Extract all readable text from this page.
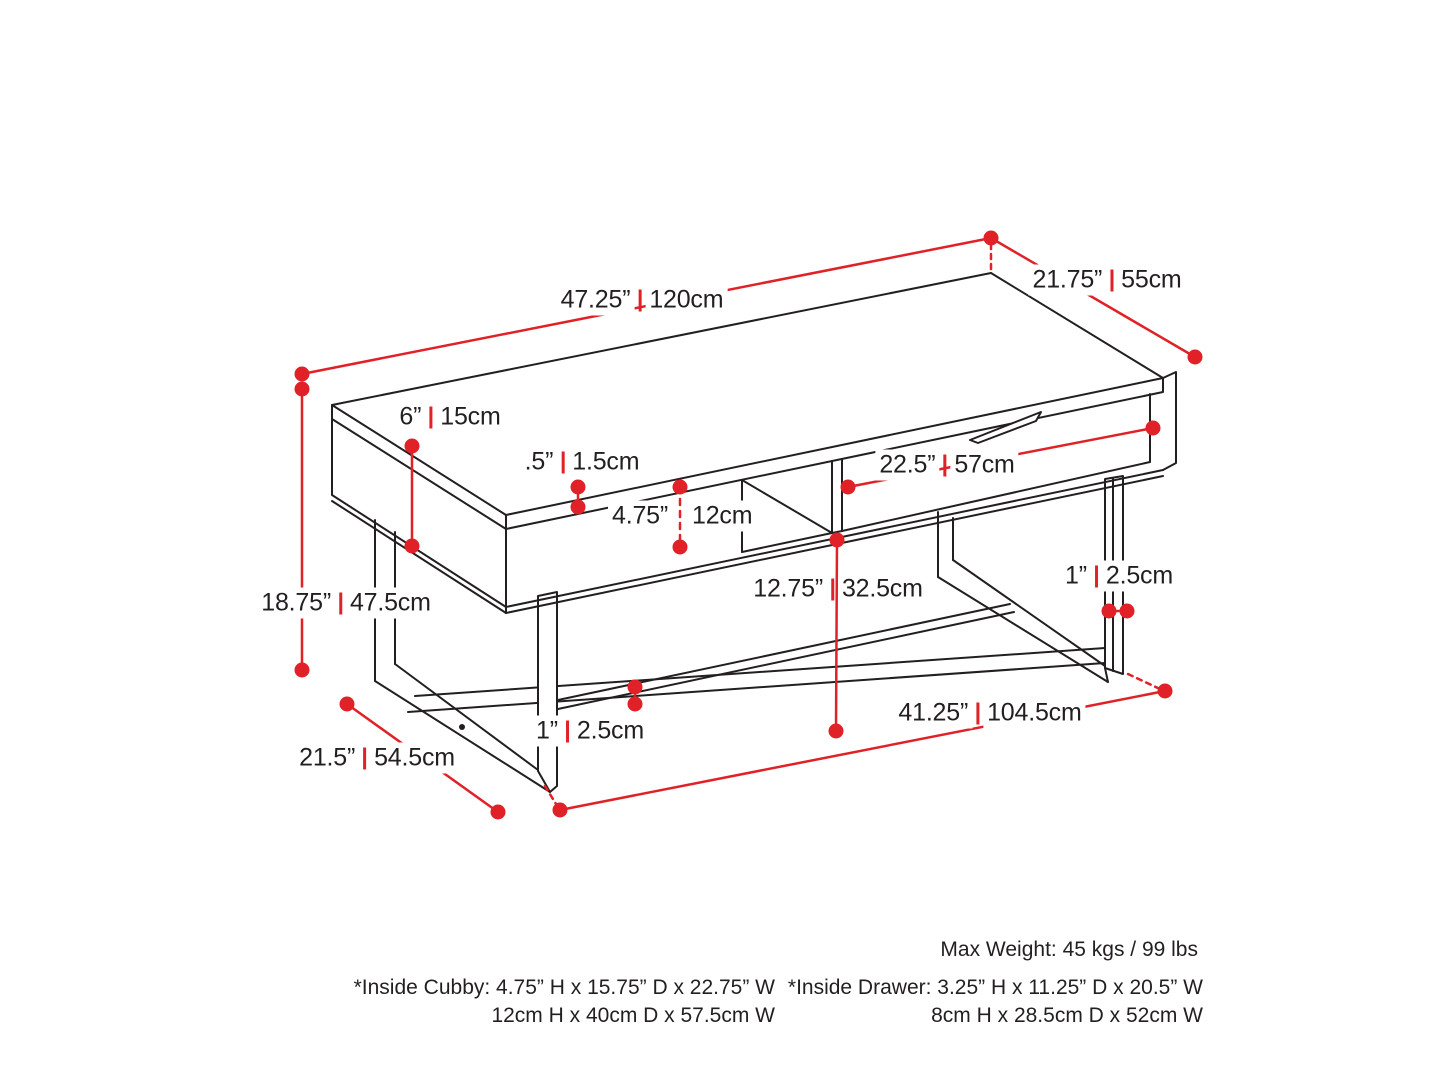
47.25” 120cm
21.75” 55cm
18.75” 47.5cm
6” 15cm
.5” 1.5cm
4.75” 12cm
22.5” 57cm
12.75” 32.5cm
1” 2.5cm
1” 2.5cm
21.5” 54.5cm
41.25” 104.5cm
Max Weight: 45 kgs / 99 lbs
*Inside Cubby: 4.75” H x 15.75” D x 22.75” W
12cm H x 40cm D x 57.5cm W
*Inside Drawer: 3.25” H x 11.25” D x 20.5” W
8cm H x 28.5cm D x 52cm W
